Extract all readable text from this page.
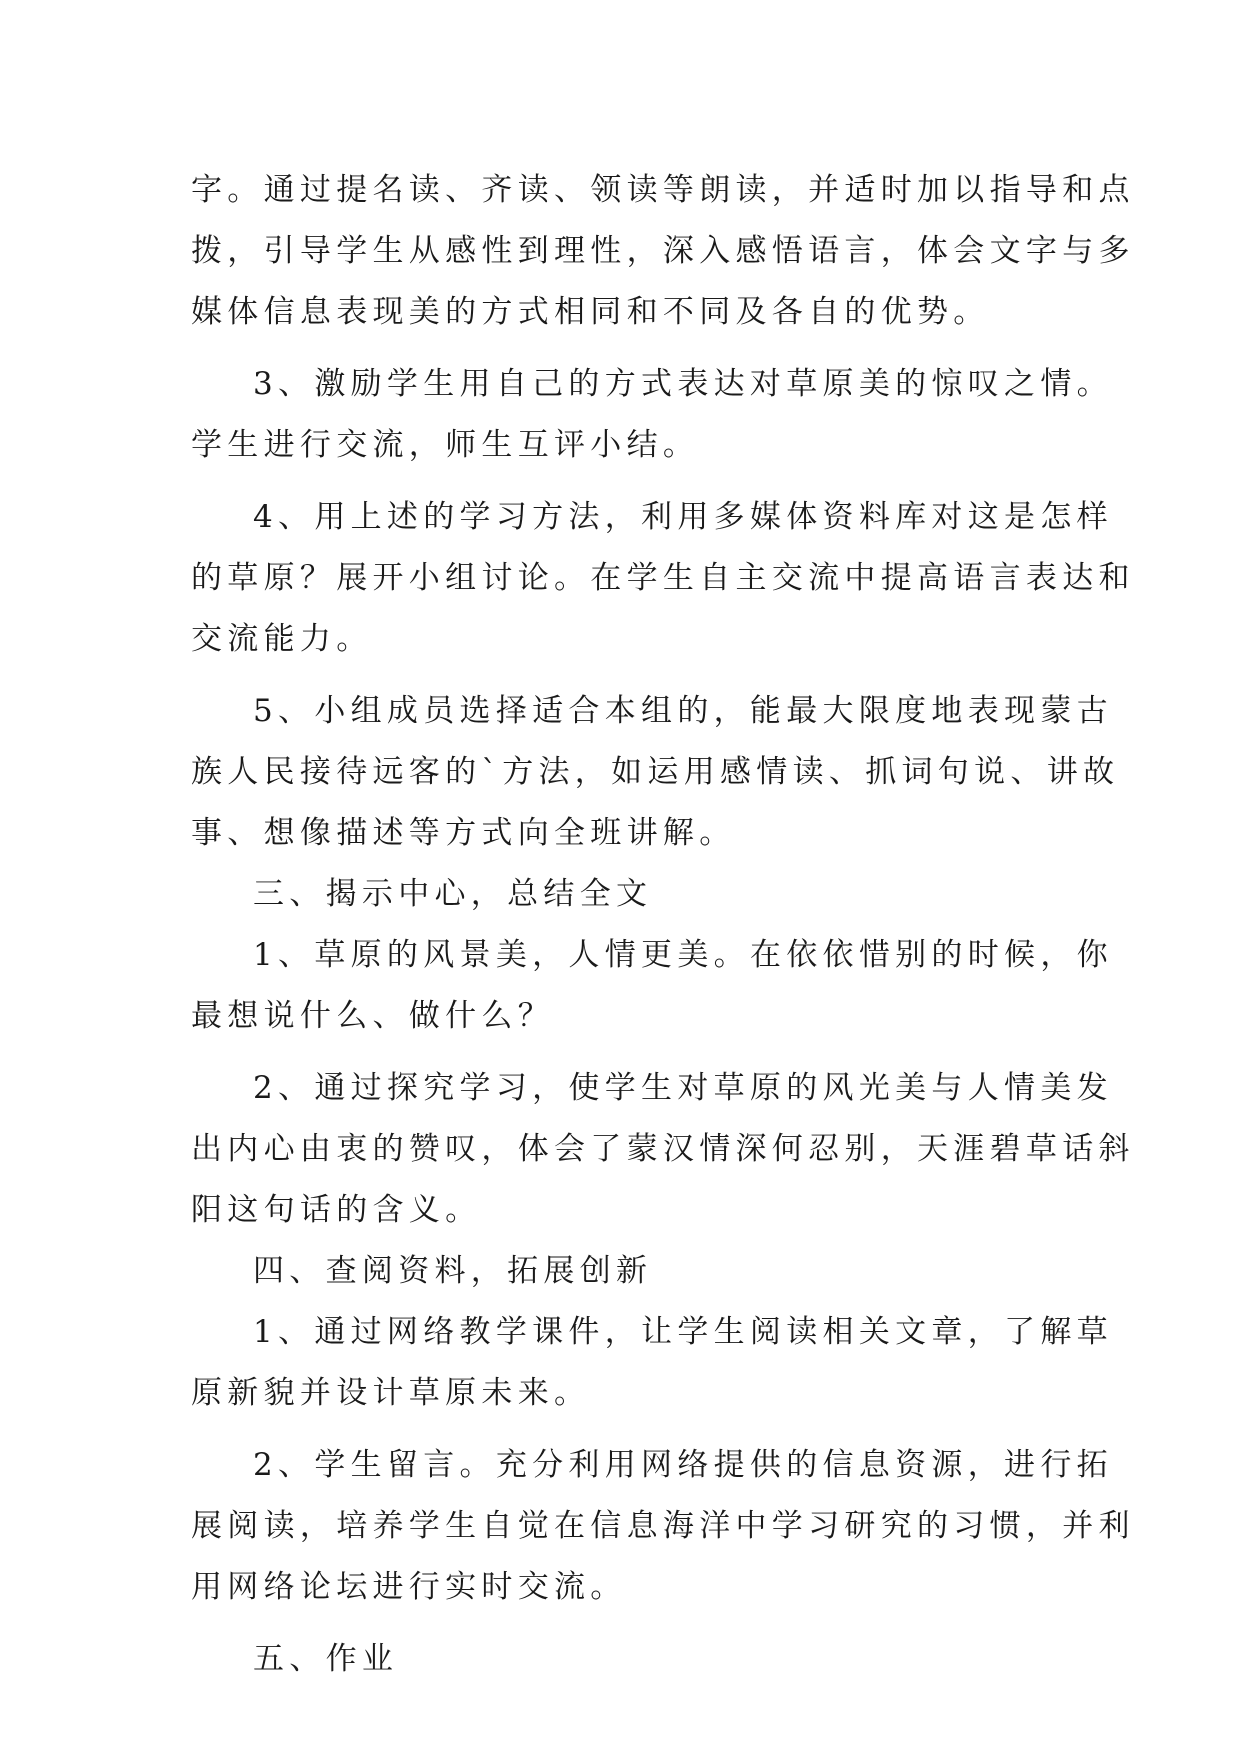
字。通过提名读、齐读、领读等朗读，并适时加以指导和点
拨，引导学生从感性到理性，深入感悟语言，体会文字与多
媒体信息表现美的方式相同和不同及各自的优势。
3、激励学生用自己的方式表达对草原美的惊叹之情。
学生进行交流，师生互评小结。
4、用上述的学习方法，利用多媒体资料库对这是怎样
的草原？展开小组讨论。在学生自主交流中提高语言表达和
交流能力。
5、小组成员选择适合本组的，能最大限度地表现蒙古
族人民接待远客的`方法，如运用感情读、抓词句说、讲故
事、想像描述等方式向全班讲解。
三、揭示中心，总结全文
1、草原的风景美，人情更美。在依依惜别的时候，你
最想说什么、做什么？
2、通过探究学习，使学生对草原的风光美与人情美发
出内心由衷的赞叹，体会了蒙汉情深何忍别，天涯碧草话斜
阳这句话的含义。
四、查阅资料，拓展创新
1、通过网络教学课件，让学生阅读相关文章，了解草
原新貌并设计草原未来。
2、学生留言。充分利用网络提供的信息资源，进行拓
展阅读，培养学生自觉在信息海洋中学习研究的习惯，并利
用网络论坛进行实时交流。
五、作业
